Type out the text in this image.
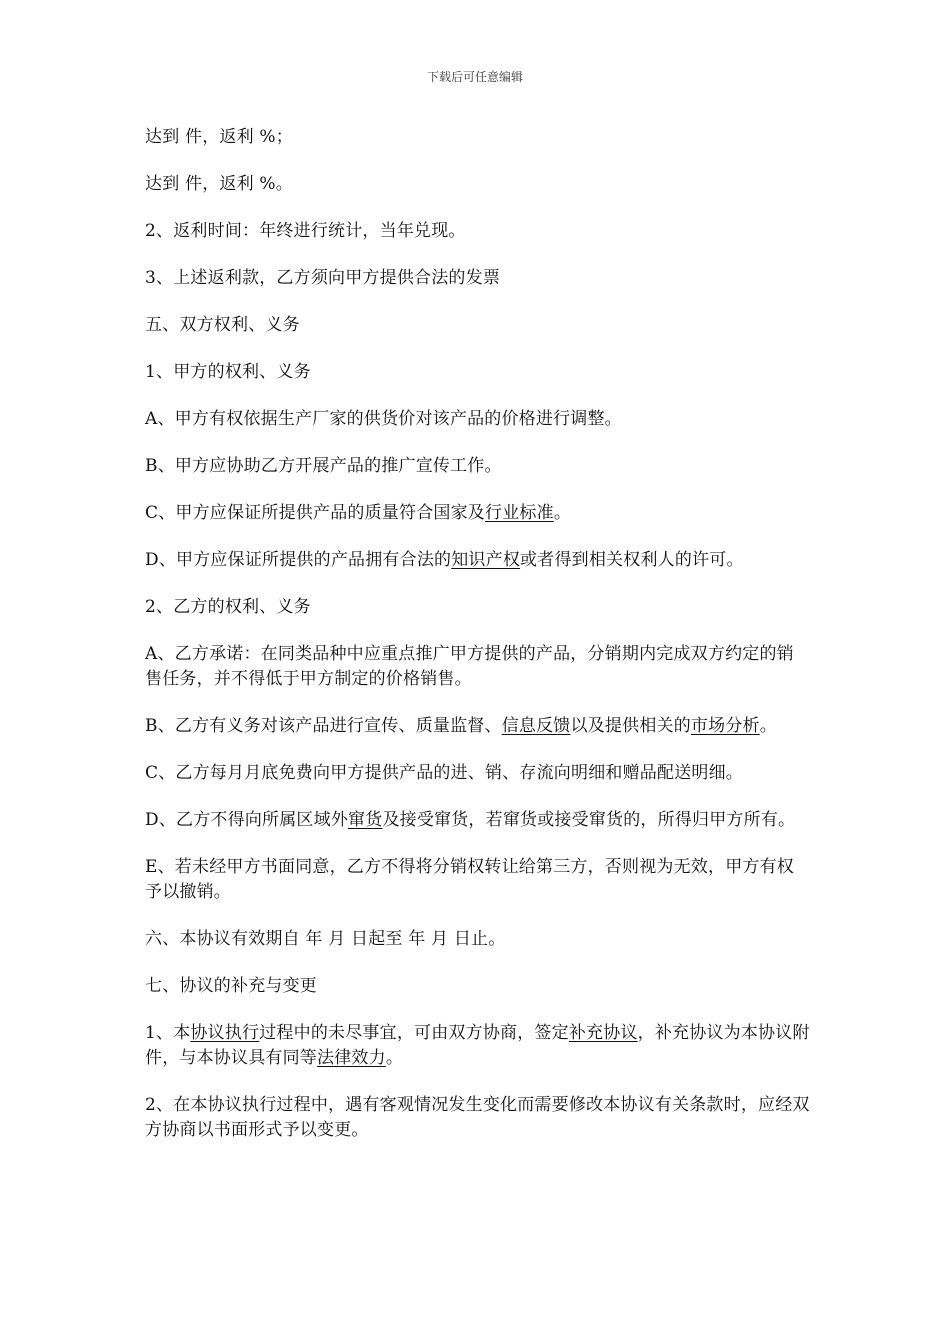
下载后可任意编辑

达到 件，返利 %；

达到 件，返利 %。

2、返利时间：年终进行统计，当年兑现。

3、上述返利款，乙方须向甲方提供合法的发票

五、双方权利、义务

1、甲方的权利、义务

A、甲方有权依据生产厂家的供货价对该产品的价格进行调整。

B、甲方应协助乙方开展产品的推广宣传工作。

C、甲方应保证所提供产品的质量符合国家及行业标准。

D、甲方应保证所提供的产品拥有合法的知识产权或者得到相关权利人的许可。

2、乙方的权利、义务

A、乙方承诺：在同类品种中应重点推广甲方提供的产品，分销期内完成双方约定的销售任务，并不得低于甲方制定的价格销售。

B、乙方有义务对该产品进行宣传、质量监督、信息反馈以及提供相关的市场分析。

C、乙方每月月底免费向甲方提供产品的进、销、存流向明细和赠品配送明细。

D、乙方不得向所属区域外窜货及接受窜货，若窜货或接受窜货的，所得归甲方所有。

E、若未经甲方书面同意，乙方不得将分销权转让给第三方，否则视为无效，甲方有权予以撤销。

六、本协议有效期自 年 月 日起至 年 月 日止。

七、协议的补充与变更

1、本协议执行过程中的未尽事宜，可由双方协商，签定补充协议，补充协议为本协议附件，与本协议具有同等法律效力。

2、在本协议执行过程中，遇有客观情况发生变化而需要修改本协议有关条款时，应经双方协商以书面形式予以变更。
